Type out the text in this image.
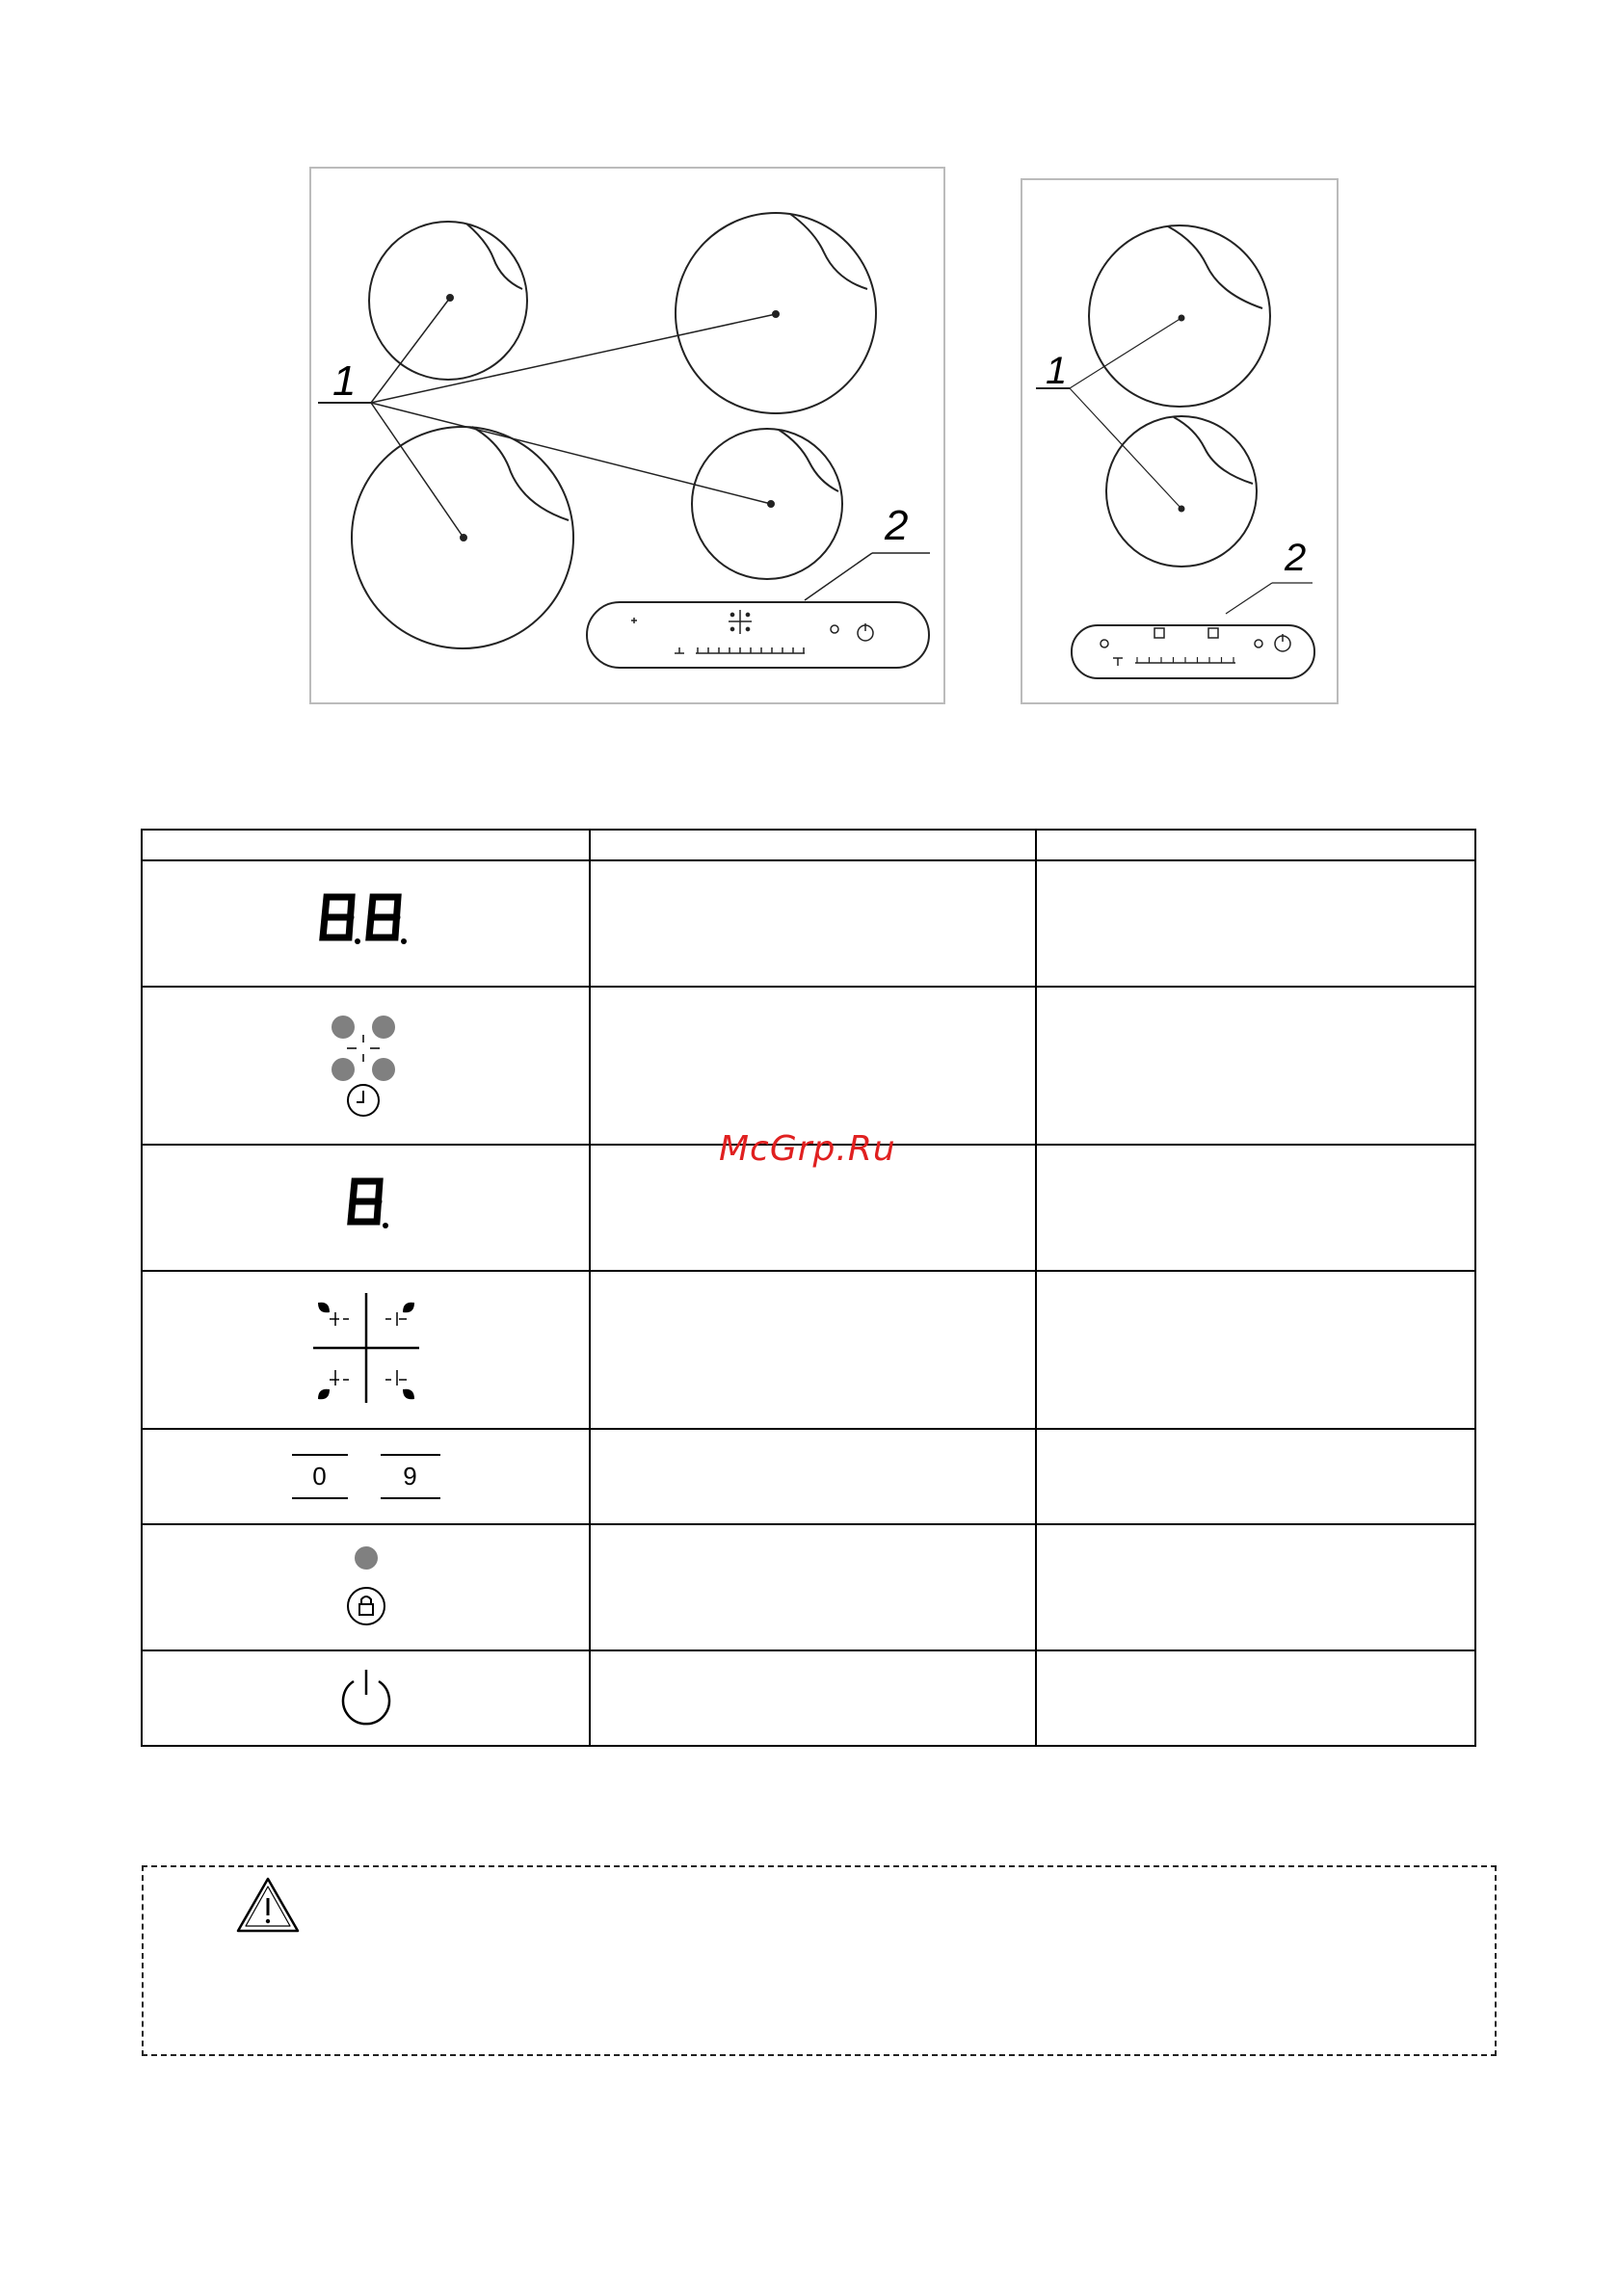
1
2
1
2

0 9		

McGrp.Ru
